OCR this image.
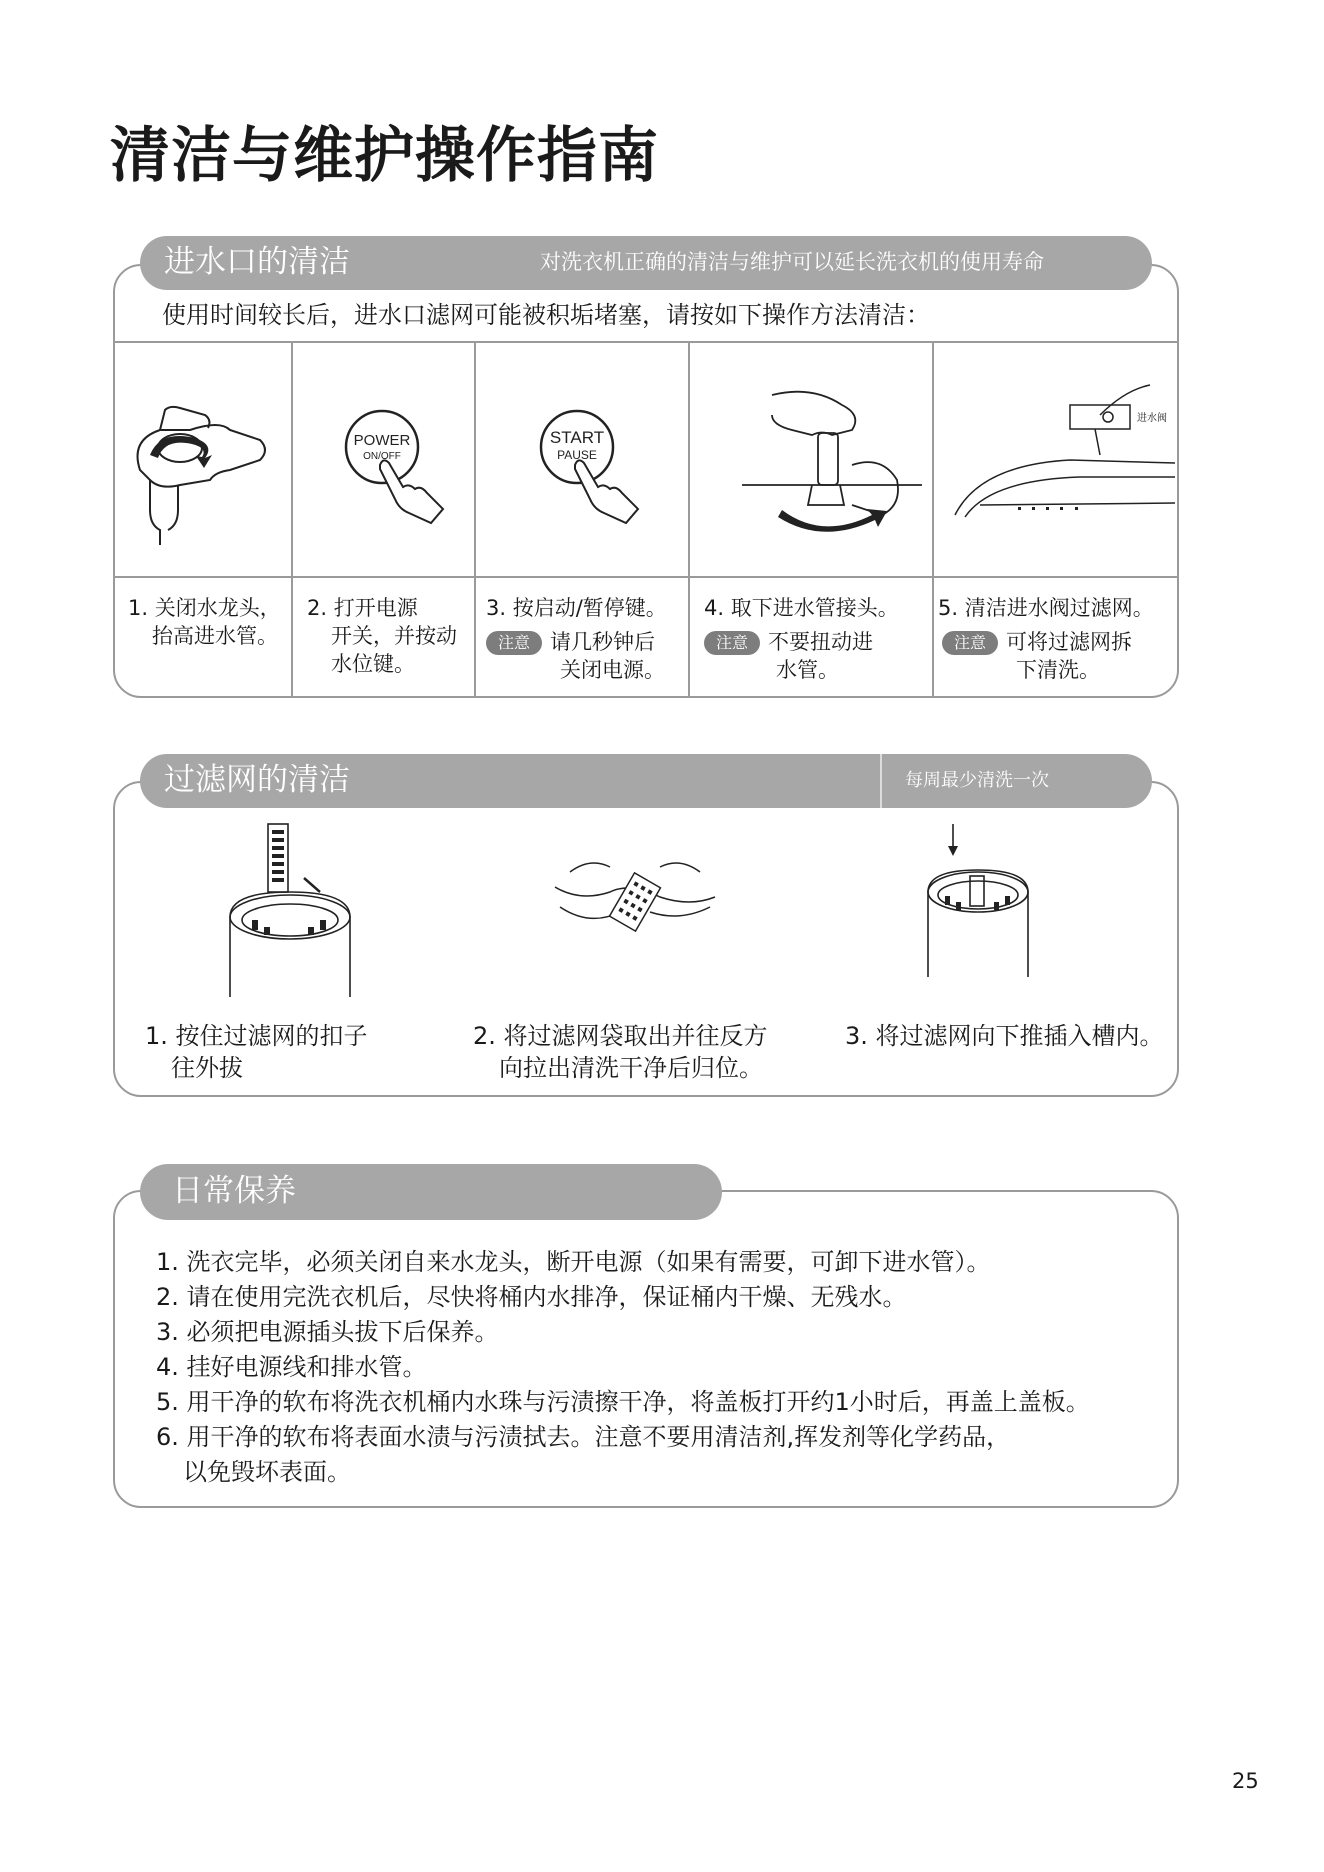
清洁与维护操作指南
进水口的清洁	对洗衣机正确的清洁与维护可以延长洗衣机的使用寿命
使用时间较长后，进水口滤网可能被积垢堵塞，请按如下操作方法清洁：
POWER
ON/OFF
START
PAUSE
进水阀
1. 关闭水龙头，
抬高进水管。
2. 打开电源
开关，并按动
水位键。
3. 按启动/暂停键。
注意 请几秒钟后
关闭电源。
4. 取下进水管接头。
注意 不要扭动进
水管。
5. 清洁进水阀过滤网。
注意 可将过滤网拆
下清洗。
过滤网的清洁	每周最少清洗一次
1. 按住过滤网的扣子
往外拔
2. 将过滤网袋取出并往反方
向拉出清洗干净后归位。
3. 将过滤网向下推插入槽内。
日常保养
1. 洗衣完毕，必须关闭自来水龙头，断开电源（如果有需要，可卸下进水管）。
2. 请在使用完洗衣机后，尽快将桶内水排净，保证桶内干燥、无残水。
3. 必须把电源插头拔下后保养。
4. 挂好电源线和排水管。
5. 用干净的软布将洗衣机桶内水珠与污渍擦干净，将盖板打开约1小时后，再盖上盖板。
6. 用干净的软布将表面水渍与污渍拭去。注意不要用清洁剂,挥发剂等化学药品，
以免毁坏表面。
25
